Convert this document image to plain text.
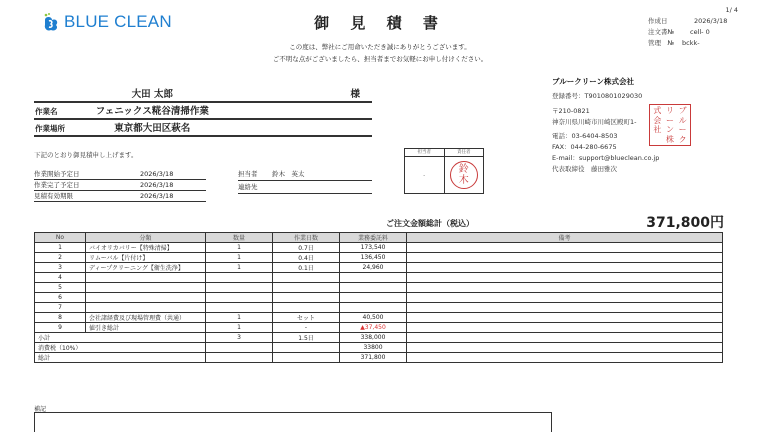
BLUE CLEAN	御 見 積 書
この度は、弊社にご用命いただき誠にありがとうございます。
ご不明な点がございましたら、担当者までお気軽にお申し付けください。
1/ 4
作成日	2026/3/18
注文書№	cell- 0
管理　№	bckk-
大田 太郎	様
作業名	フェニックス糀谷清掃作業
作業場所	東京都大田区萩名
下記のとおり御見積申し上げます。
作業開始予定日	2026/3/18
作業完了予定日	2026/3/18
見積有効期限	2026/3/18
担当者	鈴木　英太
連絡先
担当者
-
責任者
鈴
木
ブルークリーン株式会社
登録番号：T9010801029030
〒210-0821
神奈川県川崎市川崎区殿町1-
電話：03-6404-8503
FAX：044-280-6675
E-mail：support@blueclean.co.jp
代表取締役　藤田雅次
式 リ ブ
会 ー ル
社 ン ー
株 ク
ご注文金額総計（税込）	371,800円
No	分類	数量	作業日数	業務委託料	備考
1	バイオリカバリー【特殊清掃】	1	0.7日	173,540	
2	リムーバル【片付け】	1	0.4日	136,450	
3	ディープクリーニング【衛生洗浄】	1	0.1日	24,960	
4					
5					
6					
7					
8	会社諸経費及び現場管理費（共通）	1	セット	40,500	
9	値引き総計	1	-	▲37,450	
小計		3	1.5日	338,000	
消費税（10%）				33800	
総計				371,800	
補記
